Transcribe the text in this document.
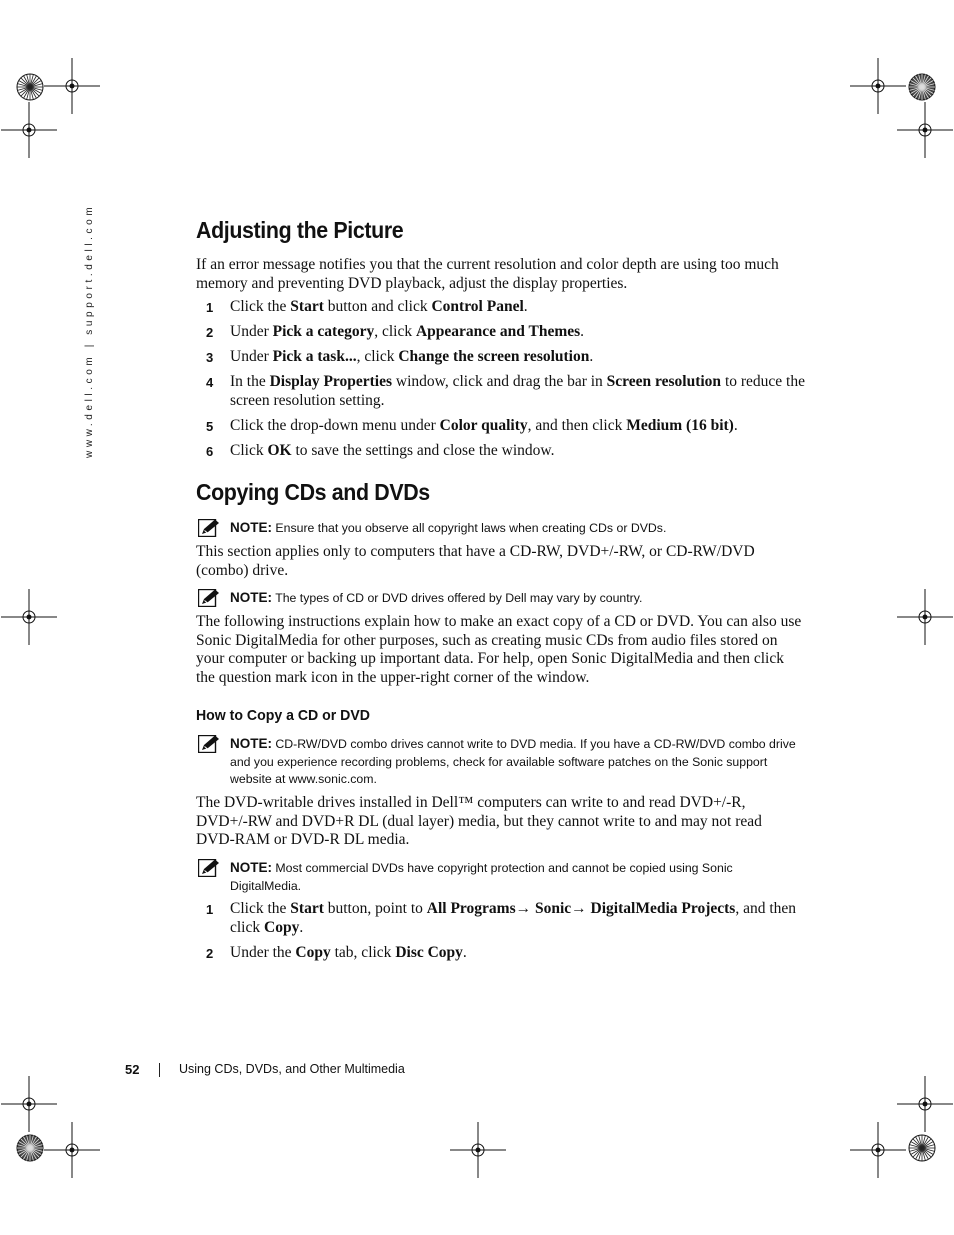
www.dell.com | support.dell.com	Adjusting the Picture
If an error message notifies you that the current resolution and color depth are using too much
memory and preventing DVD playback, adjust the display properties.
1 Click the Start button and click Control Panel.
2 Under Pick a category, click Appearance and Themes.
3 Under Pick a task..., click Change the screen resolution.
4 In the Display Properties window, click and drag the bar in Screen resolution to reduce the
screen resolution setting.
5 Click the drop-down menu under Color quality, and then click Medium (16 bit).
6 Click OK to save the settings and close the window.
Copying CDs and DVDs
NOTE: Ensure that you observe all copyright laws when creating CDs or DVDs.
This section applies only to computers that have a CD-RW, DVD+/-RW, or CD-RW/DVD
(combo) drive.
NOTE: The types of CD or DVD drives offered by Dell may vary by country.
The following instructions explain how to make an exact copy of a CD or DVD. You can also use
Sonic DigitalMedia for other purposes, such as creating music CDs from audio files stored on
your computer or backing up important data. For help, open Sonic DigitalMedia and then click
the question mark icon in the upper-right corner of the window.
How to Copy a CD or DVD
NOTE: CD-RW/DVD combo drives cannot write to DVD media. If you have a CD-RW/DVD combo drive
and you experience recording problems, check for available software patches on the Sonic support
website at www.sonic.com.
The DVD-writable drives installed in Dell™ computers can write to and read DVD+/-R,
DVD+/-RW and DVD+R DL (dual layer) media, but they cannot write to and may not read
DVD-RAM or DVD-R DL media.
NOTE: Most commercial DVDs have copyright protection and cannot be copied using Sonic
DigitalMedia.
1 Click the Start button, point to All Programs→ Sonic→ DigitalMedia Projects, and then
click Copy.
2 Under the Copy tab, click Disc Copy.
52	Using CDs, DVDs, and Other Multimedia
